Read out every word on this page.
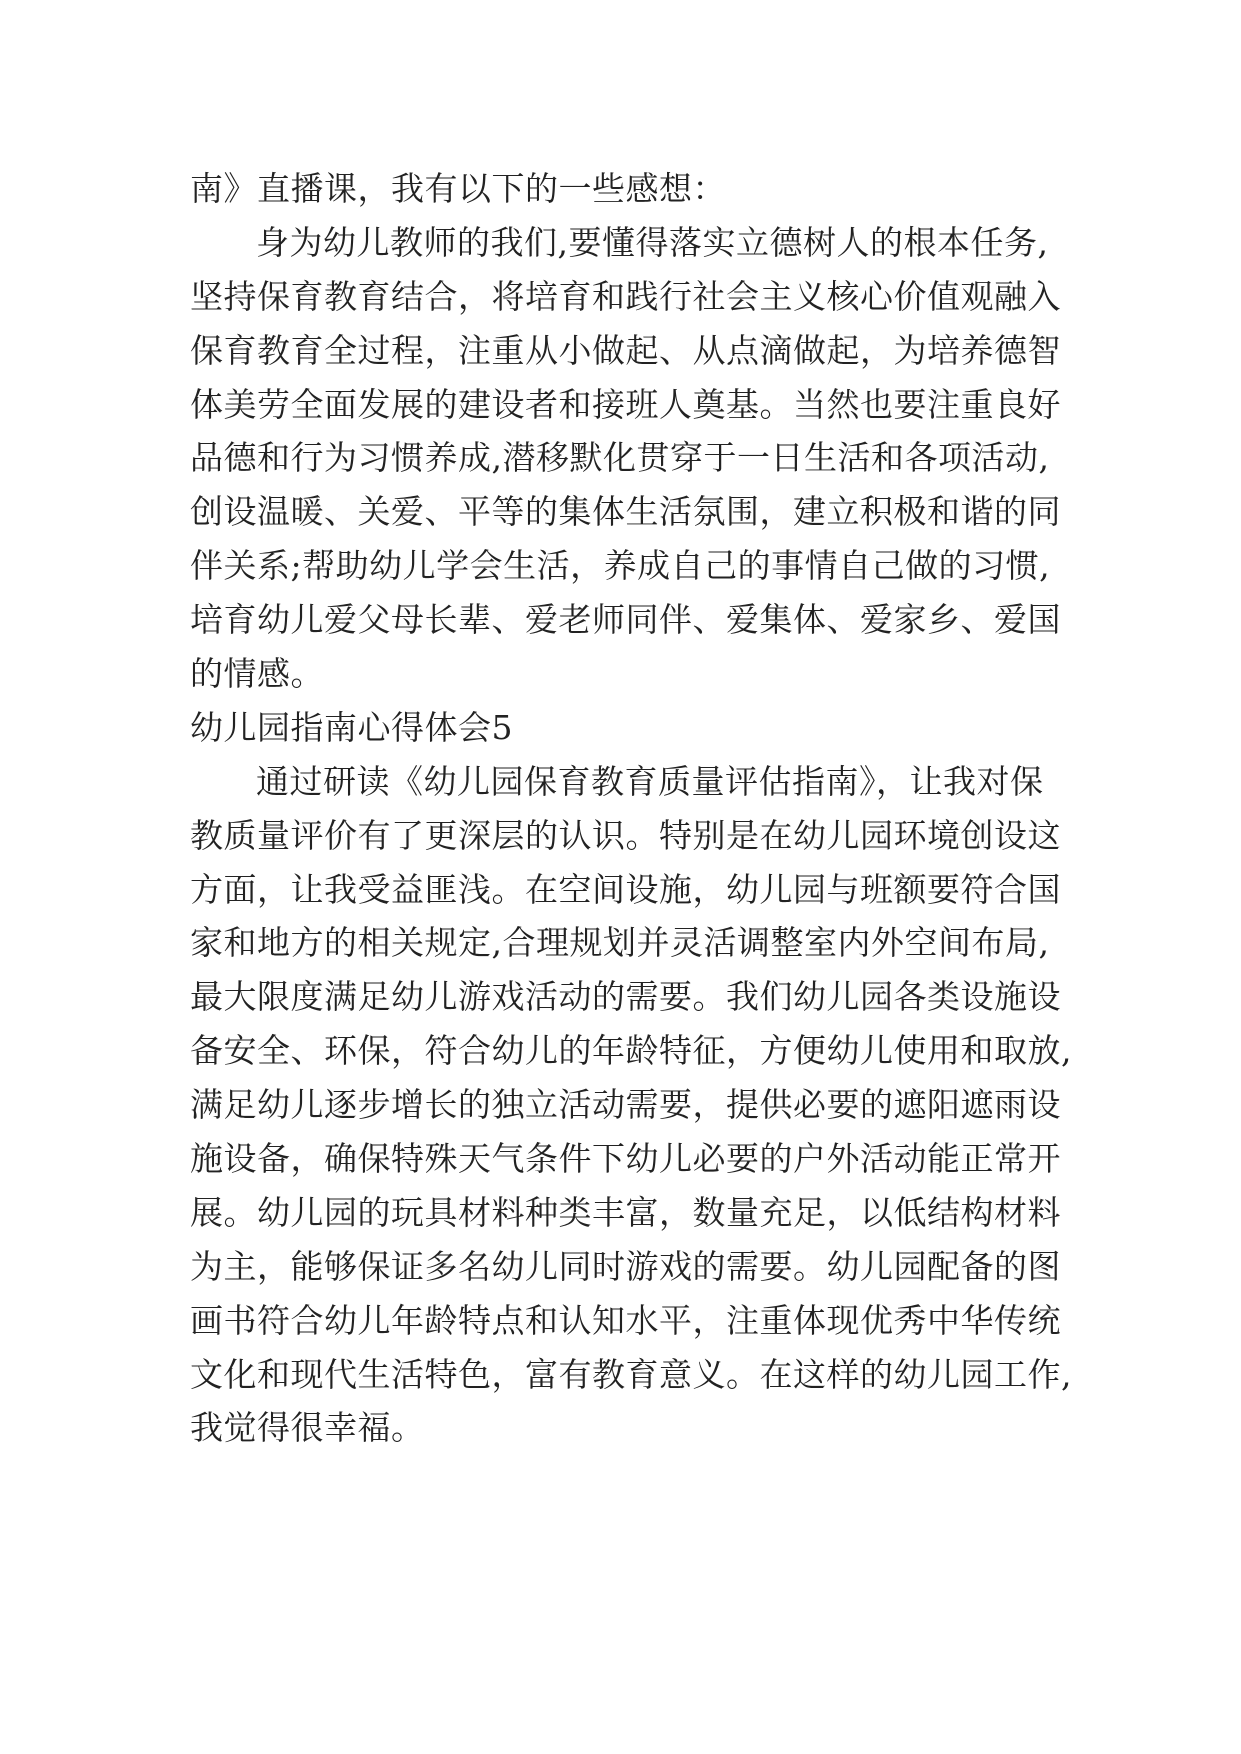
南》直播课，我有以下的一些感想：
身为幼儿教师的我们,要懂得落实立德树人的根本任务,
坚持保育教育结合，将培育和践行社会主义核心价值观融入
保育教育全过程，注重从小做起、从点滴做起，为培养德智
体美劳全面发展的建设者和接班人奠基。当然也要注重良好
品德和行为习惯养成,潜移默化贯穿于一日生活和各项活动,
创设温暖、关爱、平等的集体生活氛围，建立积极和谐的同
伴关系;帮助幼儿学会生活，养成自己的事情自己做的习惯,
培育幼儿爱父母长辈、爱老师同伴、爱集体、爱家乡、爱国
的情感。
幼儿园指南心得体会5
通过研读《幼儿园保育教育质量评估指南》，让我对保
教质量评价有了更深层的认识。特别是在幼儿园环境创设这
方面，让我受益匪浅。在空间设施，幼儿园与班额要符合国
家和地方的相关规定,合理规划并灵活调整室内外空间布局,
最大限度满足幼儿游戏活动的需要。我们幼儿园各类设施设
备安全、环保，符合幼儿的年龄特征，方便幼儿使用和取放,
满足幼儿逐步增长的独立活动需要，提供必要的遮阳遮雨设
施设备，确保特殊天气条件下幼儿必要的户外活动能正常开
展。幼儿园的玩具材料种类丰富，数量充足，以低结构材料
为主，能够保证多名幼儿同时游戏的需要。幼儿园配备的图
画书符合幼儿年龄特点和认知水平，注重体现优秀中华传统
文化和现代生活特色，富有教育意义。在这样的幼儿园工作,
我觉得很幸福。
